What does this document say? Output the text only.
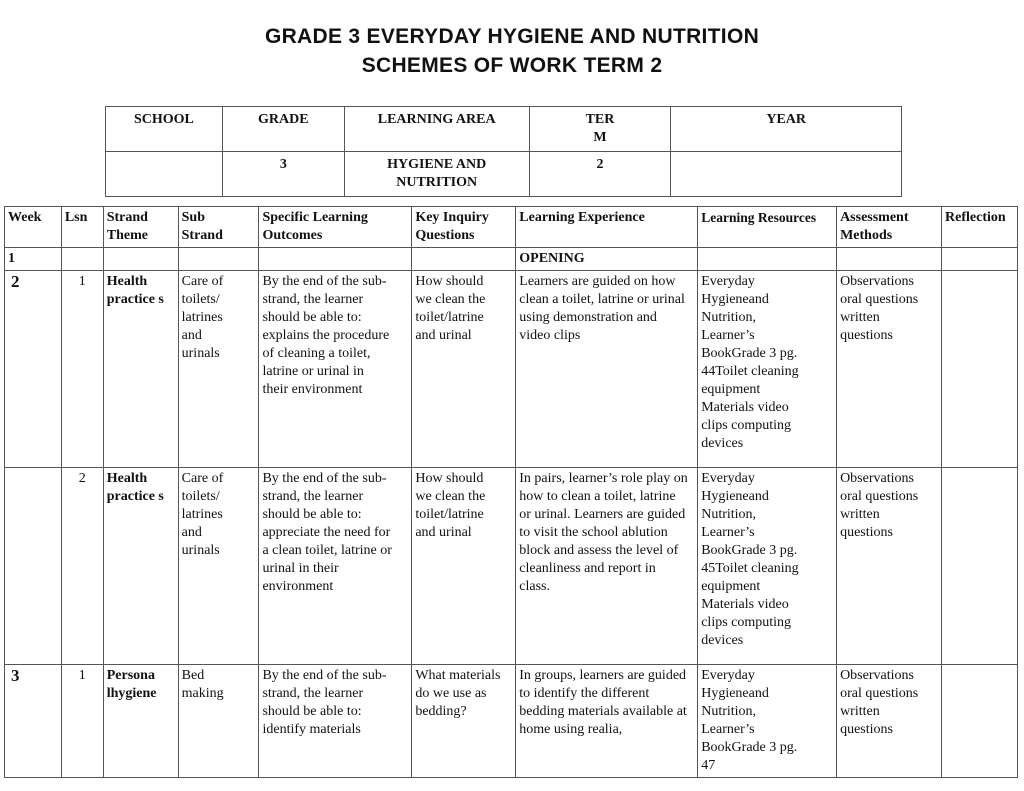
GRADE 3 EVERYDAY HYGIENE AND NUTRITION
SCHEMES OF WORK TERM 2
SCHOOL	GRADE	LEARNING AREA	TER M	YEAR
	3	HYGIENE AND NUTRITION	2	
Week	Lsn	Strand Theme	Sub Strand	Specific Learning Outcomes	Key Inquiry Questions	Learning Experience	Learning Resources	Assessment Methods	Reflection
1						OPENING			
2	1	Health practice s	Care of toilets/ latrines and urinals	By the end of the sub-strand, the learner should be able to: explains the procedure of cleaning a toilet, latrine or urinal in their environment	How should we clean the toilet/latrine and urinal	Learners are guided on how clean a toilet, latrine or urinal using demonstration and video clips	Everyday Hygieneand Nutrition, Learner’s BookGrade 3 pg. 44Toilet cleaning equipment Materials video clips computing devices	Observations oral questions written questions	

	2	Health practice s	Care of toilets/ latrines and urinals	By the end of the sub-strand, the learner should be able to: appreciate the need for a clean toilet, latrine or urinal in their environment	How should we clean the toilet/latrine and urinal	In pairs, learner’s role play on how to clean a toilet, latrine or urinal. Learners are guided to visit the school ablution block and assess the level of cleanliness and report in class.	Everyday Hygieneand Nutrition, Learner’s BookGrade 3 pg. 45Toilet cleaning equipment Materials video clips computing devices	Observations oral questions written questions	

3	1	Persona lhygiene	Bed making	By the end of the sub-strand, the learner should be able to: identify materials	What materials do we use as bedding?	In groups, learners are guided to identify the different bedding materials available at home using realia,	Everyday Hygieneand Nutrition, Learner’s BookGrade 3 pg. 47	Observations oral questions written questions	
